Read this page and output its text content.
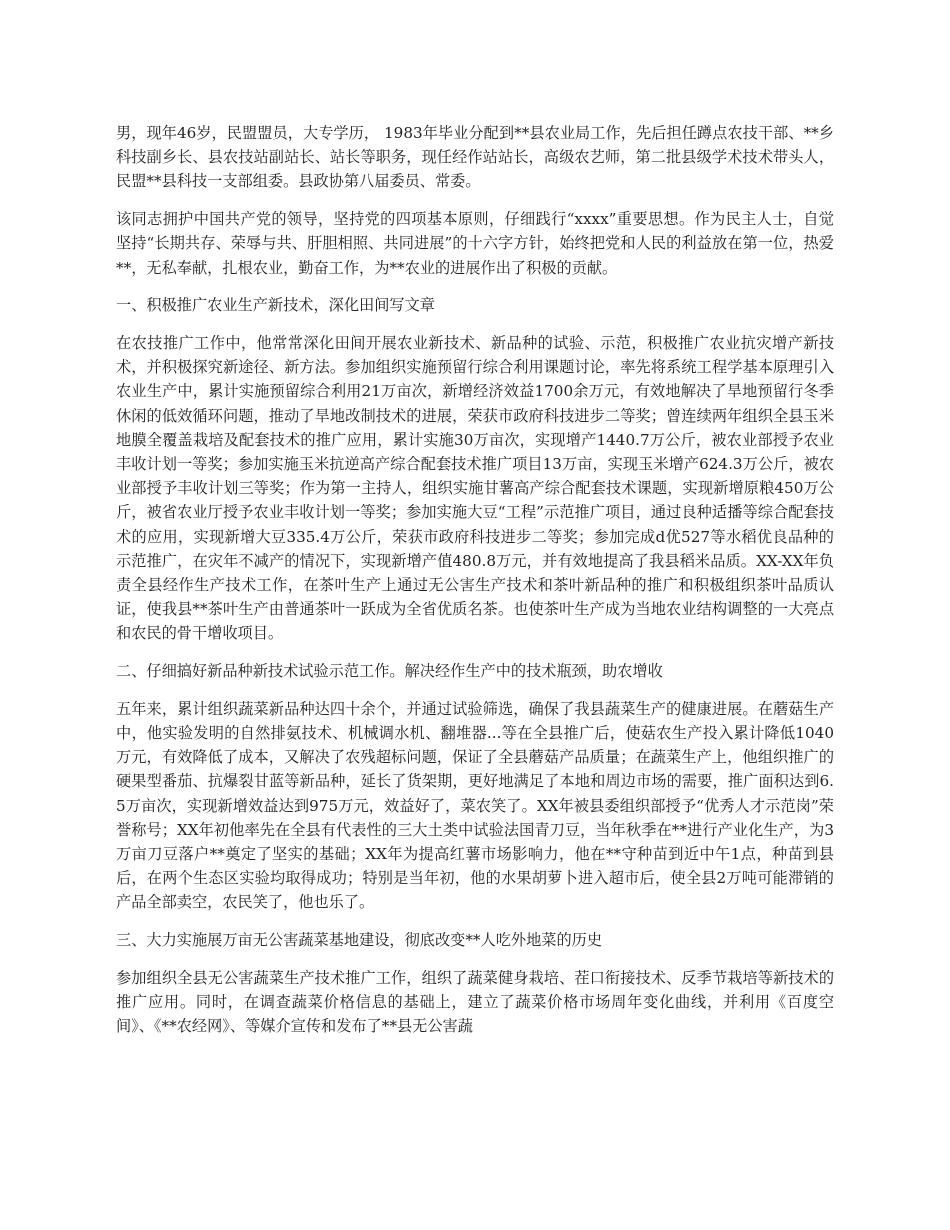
男，现年46岁，民盟盟员，大专学历， 1983年毕业分配到**县农业局工作，先后担任蹲点农技干部、**乡科技副乡长、县农技站副站长、站长等职务，现任经作站站长，高级农艺师，第二批县级学术技术带头人，民盟**县科技一支部组委。县政协第八届委员、常委。

该同志拥护中国共产党的领导，坚持党的四项基本原则，仔细践行“xxxx”重要思想。作为民主人士，自觉坚持“长期共存、荣辱与共、肝胆相照、共同进展”的十六字方针，始终把党和人民的利益放在第一位，热爱**，无私奉献，扎根农业，勤奋工作，为**农业的进展作出了积极的贡献。

一、积极推广农业生产新技术，深化田间写文章

在农技推广工作中，他常常深化田间开展农业新技术、新品种的试验、示范，积极推广农业抗灾增产新技术，并积极探究新途径、新方法。参加组织实施预留行综合利用课题讨论，率先将系统工程学基本原理引入农业生产中，累计实施预留综合利用21万亩次，新增经济效益1700余万元，有效地解决了旱地预留行冬季休闲的低效循环问题，推动了旱地改制技术的进展，荣获市政府科技进步二等奖；曾连续两年组织全县玉米地膜全覆盖栽培及配套技术的推广应用，累计实施30万亩次，实现增产1440.7万公斤，被农业部授予农业丰收计划一等奖；参加实施玉米抗逆高产综合配套技术推广项目13万亩，实现玉米增产624.3万公斤，被农业部授予丰收计划三等奖；作为第一主持人，组织实施甘薯高产综合配套技术课题，实现新增原粮450万公斤，被省农业厅授予农业丰收计划一等奖；参加实施大豆“工程”示范推广项目，通过良种适播等综合配套技术的应用，实现新增大豆335.4万公斤，荣获市政府科技进步二等奖；参加完成d优527等水稻优良品种的示范推广，在灾年不减产的情况下，实现新增产值480.8万元，并有效地提高了我县稻米品质。XX-XX年负责全县经作生产技术工作，在茶叶生产上通过无公害生产技术和茶叶新品种的推广和积极组织茶叶品质认证，使我县**茶叶生产由普通茶叶一跃成为全省优质名茶。也使茶叶生产成为当地农业结构调整的一大亮点和农民的骨干增收项目。

二、仔细搞好新品种新技术试验示范工作。解决经作生产中的技术瓶颈，助农增收

五年来，累计组织蔬菜新品种达四十余个，并通过试验筛选，确保了我县蔬菜生产的健康进展。在蘑菇生产中，他实验发明的自然排氨技术、机械调水机、翻堆器...等在全县推广后，使菇农生产投入累计降低1040万元，有效降低了成本，又解决了农残超标问题，保证了全县蘑菇产品质量；在蔬菜生产上，他组织推广的硬果型番茄、抗爆裂甘蓝等新品种，延长了货架期，更好地满足了本地和周边市场的需要，推广面积达到6.5万亩次，实现新增效益达到975万元，效益好了，菜农笑了。XX年被县委组织部授予“优秀人才示范岗”荣誉称号；XX年初他率先在全县有代表性的三大土类中试验法国青刀豆，当年秋季在**进行产业化生产，为3万亩刀豆落户**奠定了坚实的基础；XX年为提高红薯市场影响力，他在**守种苗到近中午1点，种苗到县后，在两个生态区实验均取得成功；特别是当年初，他的水果胡萝卜进入超市后，使全县2万吨可能滞销的产品全部卖空，农民笑了，他也乐了。

三、大力实施展万亩无公害蔬菜基地建设，彻底改变**人吃外地菜的历史

参加组织全县无公害蔬菜生产技术推广工作，组织了蔬菜健身栽培、茬口衔接技术、反季节栽培等新技术的推广应用。同时，在调查蔬菜价格信息的基础上，建立了蔬菜价格市场周年变化曲线，并利用《百度空间》、《**农经网》、等媒介宣传和发布了**县无公害蔬
